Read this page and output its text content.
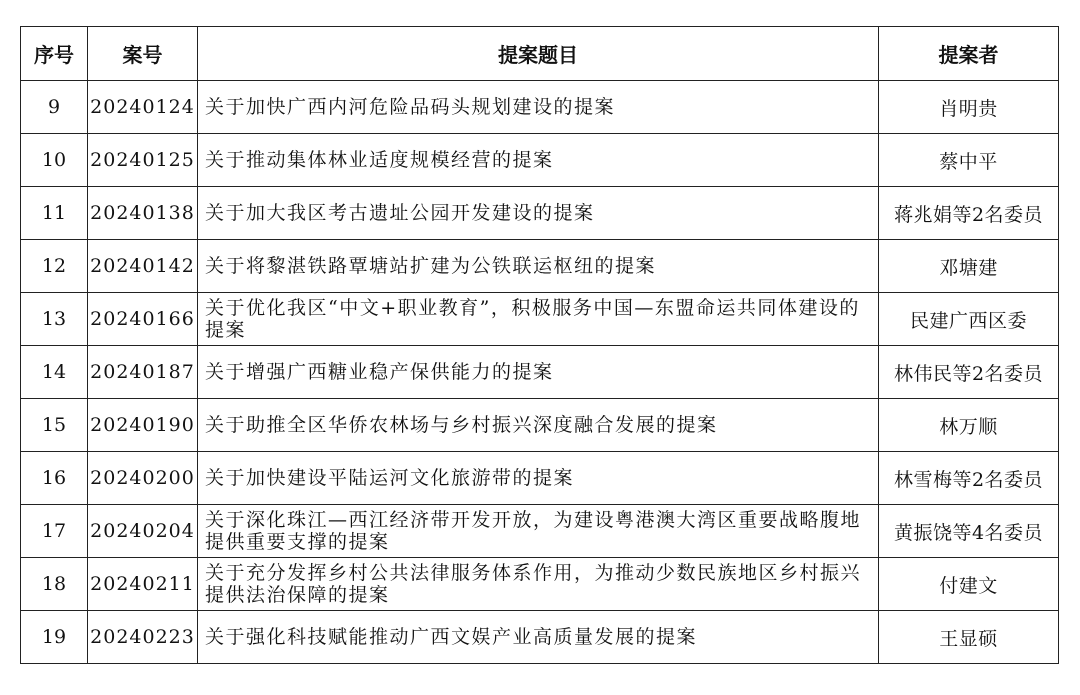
序号	案号	提案题目	提案者
9	20240124	关于加快广西内河危险品码头规划建设的提案	肖明贵
10	20240125	关于推动集体林业适度规模经营的提案	蔡中平
11	20240138	关于加大我区考古遗址公园开发建设的提案	蒋兆娟等2名委员
12	20240142	关于将黎湛铁路覃塘站扩建为公铁联运枢纽的提案	邓塘建
13	20240166	关于优化我区“中文+职业教育”，积极服务中国—东盟命运共同体建设的提案	民建广西区委
14	20240187	关于增强广西糖业稳产保供能力的提案	林伟民等2名委员
15	20240190	关于助推全区华侨农林场与乡村振兴深度融合发展的提案	林万顺
16	20240200	关于加快建设平陆运河文化旅游带的提案	林雪梅等2名委员
17	20240204	关于深化珠江—西江经济带开发开放，为建设粤港澳大湾区重要战略腹地提供重要支撑的提案	黄振饶等4名委员
18	20240211	关于充分发挥乡村公共法律服务体系作用，为推动少数民族地区乡村振兴提供法治保障的提案	付建文
19	20240223	关于强化科技赋能推动广西文娱产业高质量发展的提案	王显硕
